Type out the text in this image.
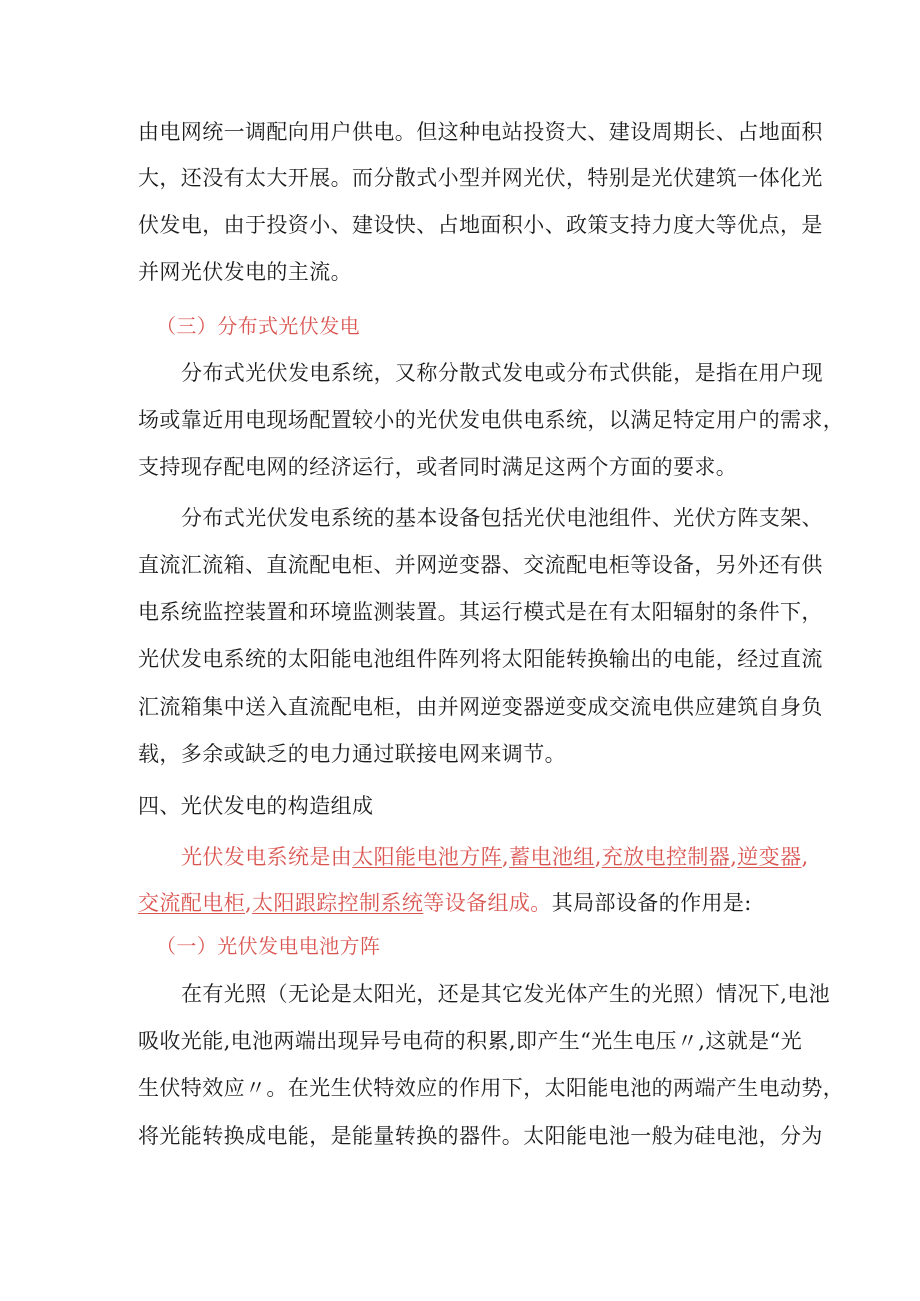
由电网统一调配向用户供电。但这种电站投资大、建设周期长、占地面积
大，还没有太大开展。而分散式小型并网光伏，特别是光伏建筑一体化光
伏发电，由于投资小、建设快、占地面积小、政策支持力度大等优点，是
并网光伏发电的主流。
（三）分布式光伏发电
分布式光伏发电系统，又称分散式发电或分布式供能，是指在用户现
场或靠近用电现场配置较小的光伏发电供电系统，以满足特定用户的需求，
支持现存配电网的经济运行，或者同时满足这两个方面的要求。
分布式光伏发电系统的基本设备包括光伏电池组件、光伏方阵支架、
直流汇流箱、直流配电柜、并网逆变器、交流配电柜等设备，另外还有供
电系统监控装置和环境监测装置。其运行模式是在有太阳辐射的条件下，
光伏发电系统的太阳能电池组件阵列将太阳能转换输出的电能，经过直流
汇流箱集中送入直流配电柜，由并网逆变器逆变成交流电供应建筑自身负
载，多余或缺乏的电力通过联接电网来调节。
四、光伏发电的构造组成
光伏发电系统是由太阳能电池方阵,蓄电池组,充放电控制器,逆变器,
交流配电柜,太阳跟踪控制系统等设备组成。其局部设备的作用是:
（一）光伏发电电池方阵
在有光照（无论是太阳光，还是其它发光体产生的光照）情况下,电池
吸收光能,电池两端出现异号电荷的积累,即产生“光生电压〃,这就是“光
生伏特效应〃。在光生伏特效应的作用下，太阳能电池的两端产生电动势，
将光能转换成电能，是能量转换的器件。太阳能电池一般为硅电池，分为
